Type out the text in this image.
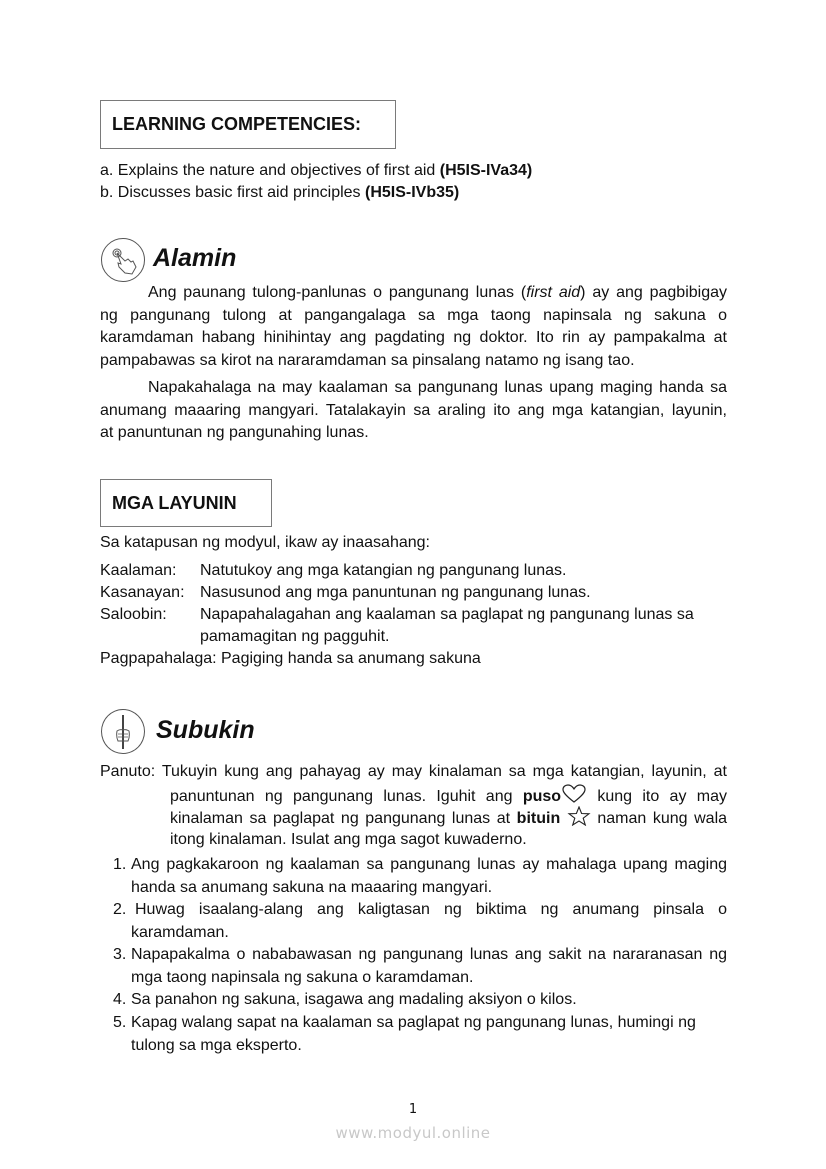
LEARNING COMPETENCIES:
a. Explains the nature and objectives of first aid (H5IS-IVa34)
b. Discusses basic first aid principles (H5IS-IVb35)
Alamin
Ang paunang tulong-panlunas o pangunang lunas (first aid) ay ang pagbibigay
ng pangunang tulong at pangangalaga sa mga taong napinsala ng sakuna o
karamdaman habang hinihintay ang pagdating ng doktor. Ito rin ay pampakalma at
pampabawas sa kirot na nararamdaman sa pinsalang natamo ng isang tao.
Napakahalaga na may kaalaman sa pangunang lunas upang maging handa sa
anumang maaaring mangyari. Tatalakayin sa araling ito ang mga katangian, layunin,
at panuntunan ng pangunahing lunas.
MGA LAYUNIN
Sa katapusan ng modyul, ikaw ay inaasahang:
Kaalaman: Natutukoy ang mga katangian ng pangunang lunas.
Kasanayan: Nasusunod ang mga panuntunan ng pangunang lunas.
Saloobin: Napapahalagahan ang kaalaman sa paglapat ng pangunang lunas sa
pamamagitan ng pagguhit.
Pagpapahalaga: Pagiging handa sa anumang sakuna
Subukin
Panuto: Tukuyin kung ang pahayag ay may kinalaman sa mga katangian, layunin, at
panuntunan ng pangunang lunas. Iguhit ang puso kung ito ay may
kinalaman sa paglapat ng pangunang lunas at bituin  naman kung wala
itong kinalaman. Isulat ang mga sagot kuwaderno.
1. Ang pagkakaroon ng kaalaman sa pangunang lunas ay mahalaga upang maging
handa sa anumang sakuna na maaaring mangyari.
2. Huwag isaalang-alang ang kaligtasan ng biktima ng anumang pinsala o
karamdaman.
3. Napapakalma o nababawasan ng pangunang lunas ang sakit na nararanasan ng
mga taong napinsala ng sakuna o karamdaman.
4. Sa panahon ng sakuna, isagawa ang madaling aksiyon o kilos.
5. Kapag walang sapat na kaalaman sa paglapat ng pangunang lunas, humingi ng
tulong sa mga eksperto.
1
www.modyul.online
